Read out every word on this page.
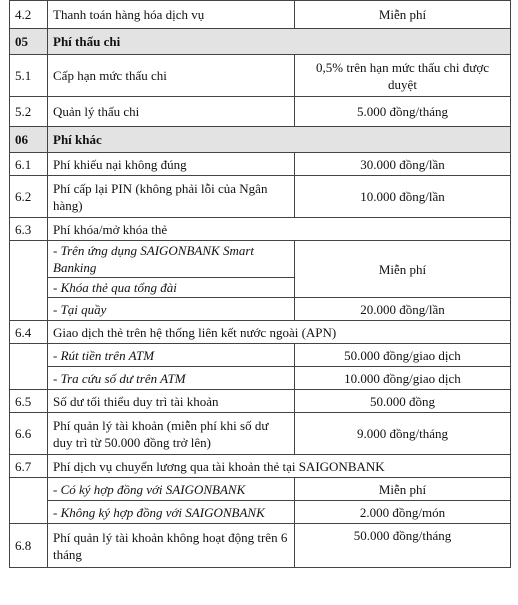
4.2	Thanh toán hàng hóa dịch vụ	Miễn phí
05	Phí thấu chi	
5.1	Cấp hạn mức thấu chi	0,5% trên hạn mức thấu chi được duyệt
5.2	Quản lý thấu chi	5.000 đồng/tháng
06	Phí khác	
6.1	Phí khiếu nại không đúng	30.000 đồng/lần
6.2	Phí cấp lại PIN (không phải lỗi của Ngân hàng)	10.000 đồng/lần
6.3	Phí khóa/mở khóa thẻ	
	- Trên ứng dụng SAIGONBANK Smart Banking	Miễn phí
	- Khóa thẻ qua tổng đài	
	- Tại quầy	20.000 đồng/lần
6.4	Giao dịch thẻ trên hệ thống liên kết nước ngoài (APN)	
	- Rút tiền trên ATM	50.000 đồng/giao dịch
	- Tra cứu số dư trên ATM	10.000 đồng/giao dịch
6.5	Số dư tối thiểu duy trì tài khoản	50.000 đồng
6.6	Phí quản lý tài khoản (miễn phí khi số dư duy trì từ 50.000 đồng trở lên)	9.000 đồng/tháng
6.7	Phí dịch vụ chuyển lương qua tài khoản thẻ tại SAIGONBANK	
	- Có ký hợp đồng với SAIGONBANK	Miễn phí
	- Không ký hợp đồng với SAIGONBANK	2.000 đồng/món
6.8	Phí quản lý tài khoản không hoạt động trên 6 tháng	50.000 đồng/tháng
